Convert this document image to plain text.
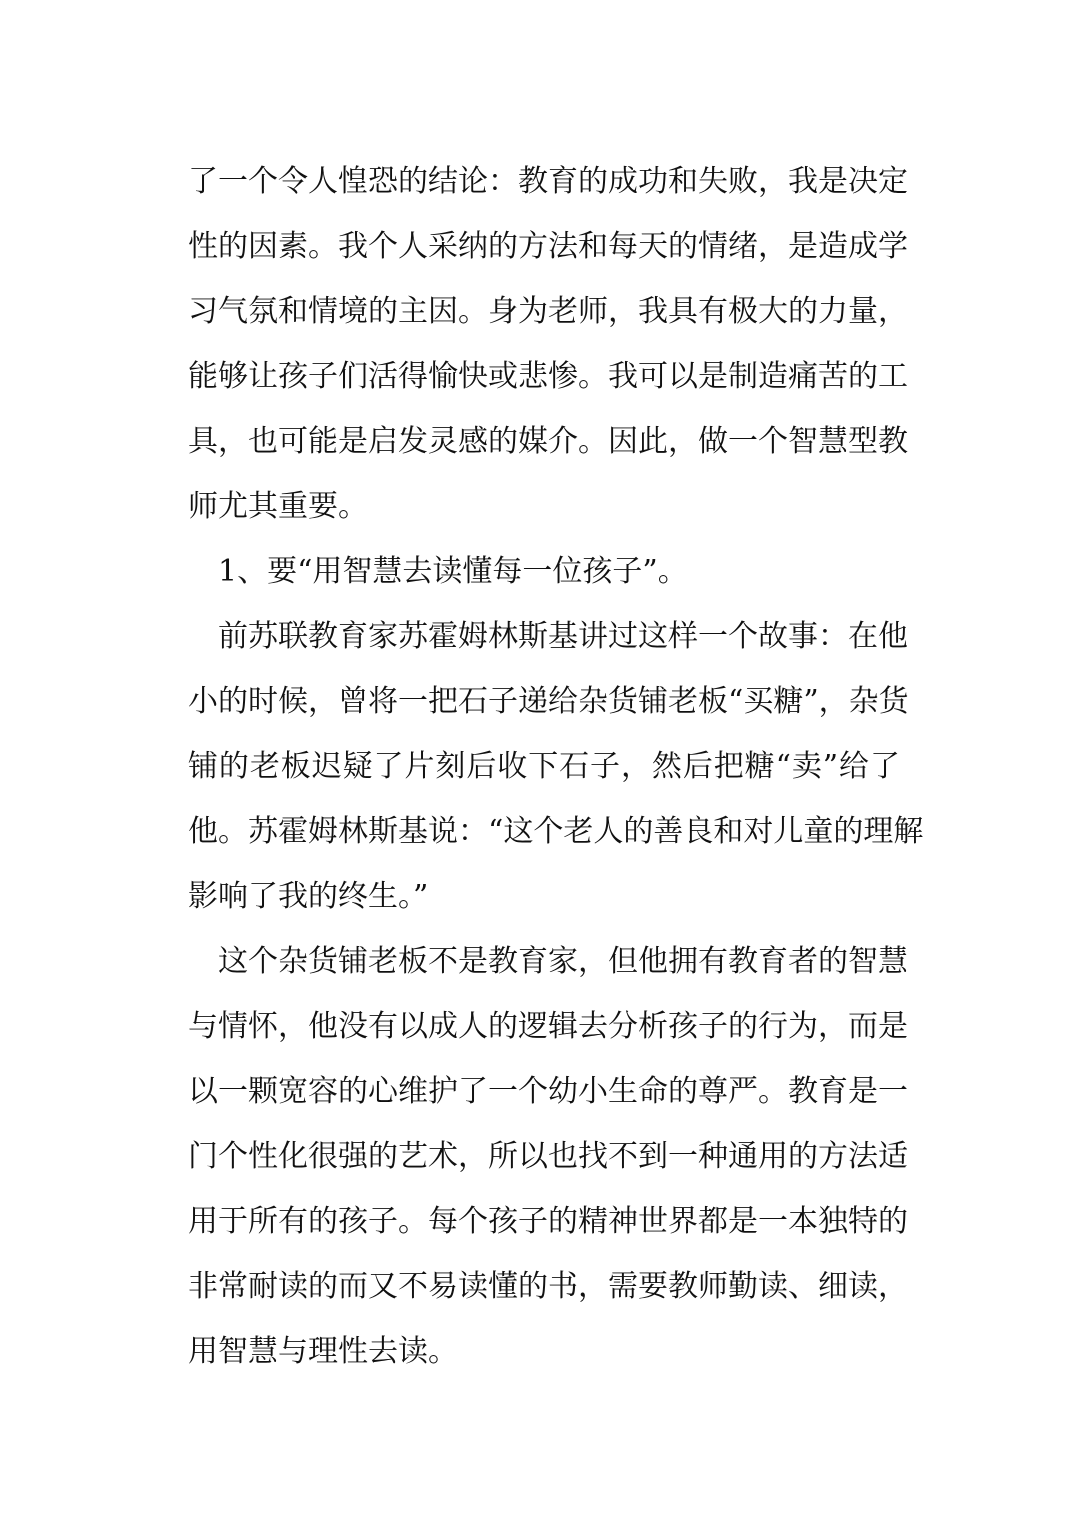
了一个令人惶恐的结论：教育的成功和失败，我是决定
性的因素。我个人采纳的方法和每天的情绪，是造成学
习气氛和情境的主因。身为老师，我具有极大的力量，
能够让孩子们活得愉快或悲惨。我可以是制造痛苦的工
具，也可能是启发灵感的媒介。因此，做一个智慧型教
师尤其重要。
1、要“用智慧去读懂每一位孩子”。
前苏联教育家苏霍姆林斯基讲过这样一个故事：在他
小的时候，曾将一把石子递给杂货铺老板“买糖”，杂货
铺的老板迟疑了片刻后收下石子，然后把糖“卖”给了
他。苏霍姆林斯基说：“这个老人的善良和对儿童的理解
影响了我的终生。”
这个杂货铺老板不是教育家，但他拥有教育者的智慧
与情怀，他没有以成人的逻辑去分析孩子的行为，而是
以一颗宽容的心维护了一个幼小生命的尊严。教育是一
门个性化很强的艺术，所以也找不到一种通用的方法适
用于所有的孩子。每个孩子的精神世界都是一本独特的
非常耐读的而又不易读懂的书，需要教师勤读、细读，
用智慧与理性去读。
